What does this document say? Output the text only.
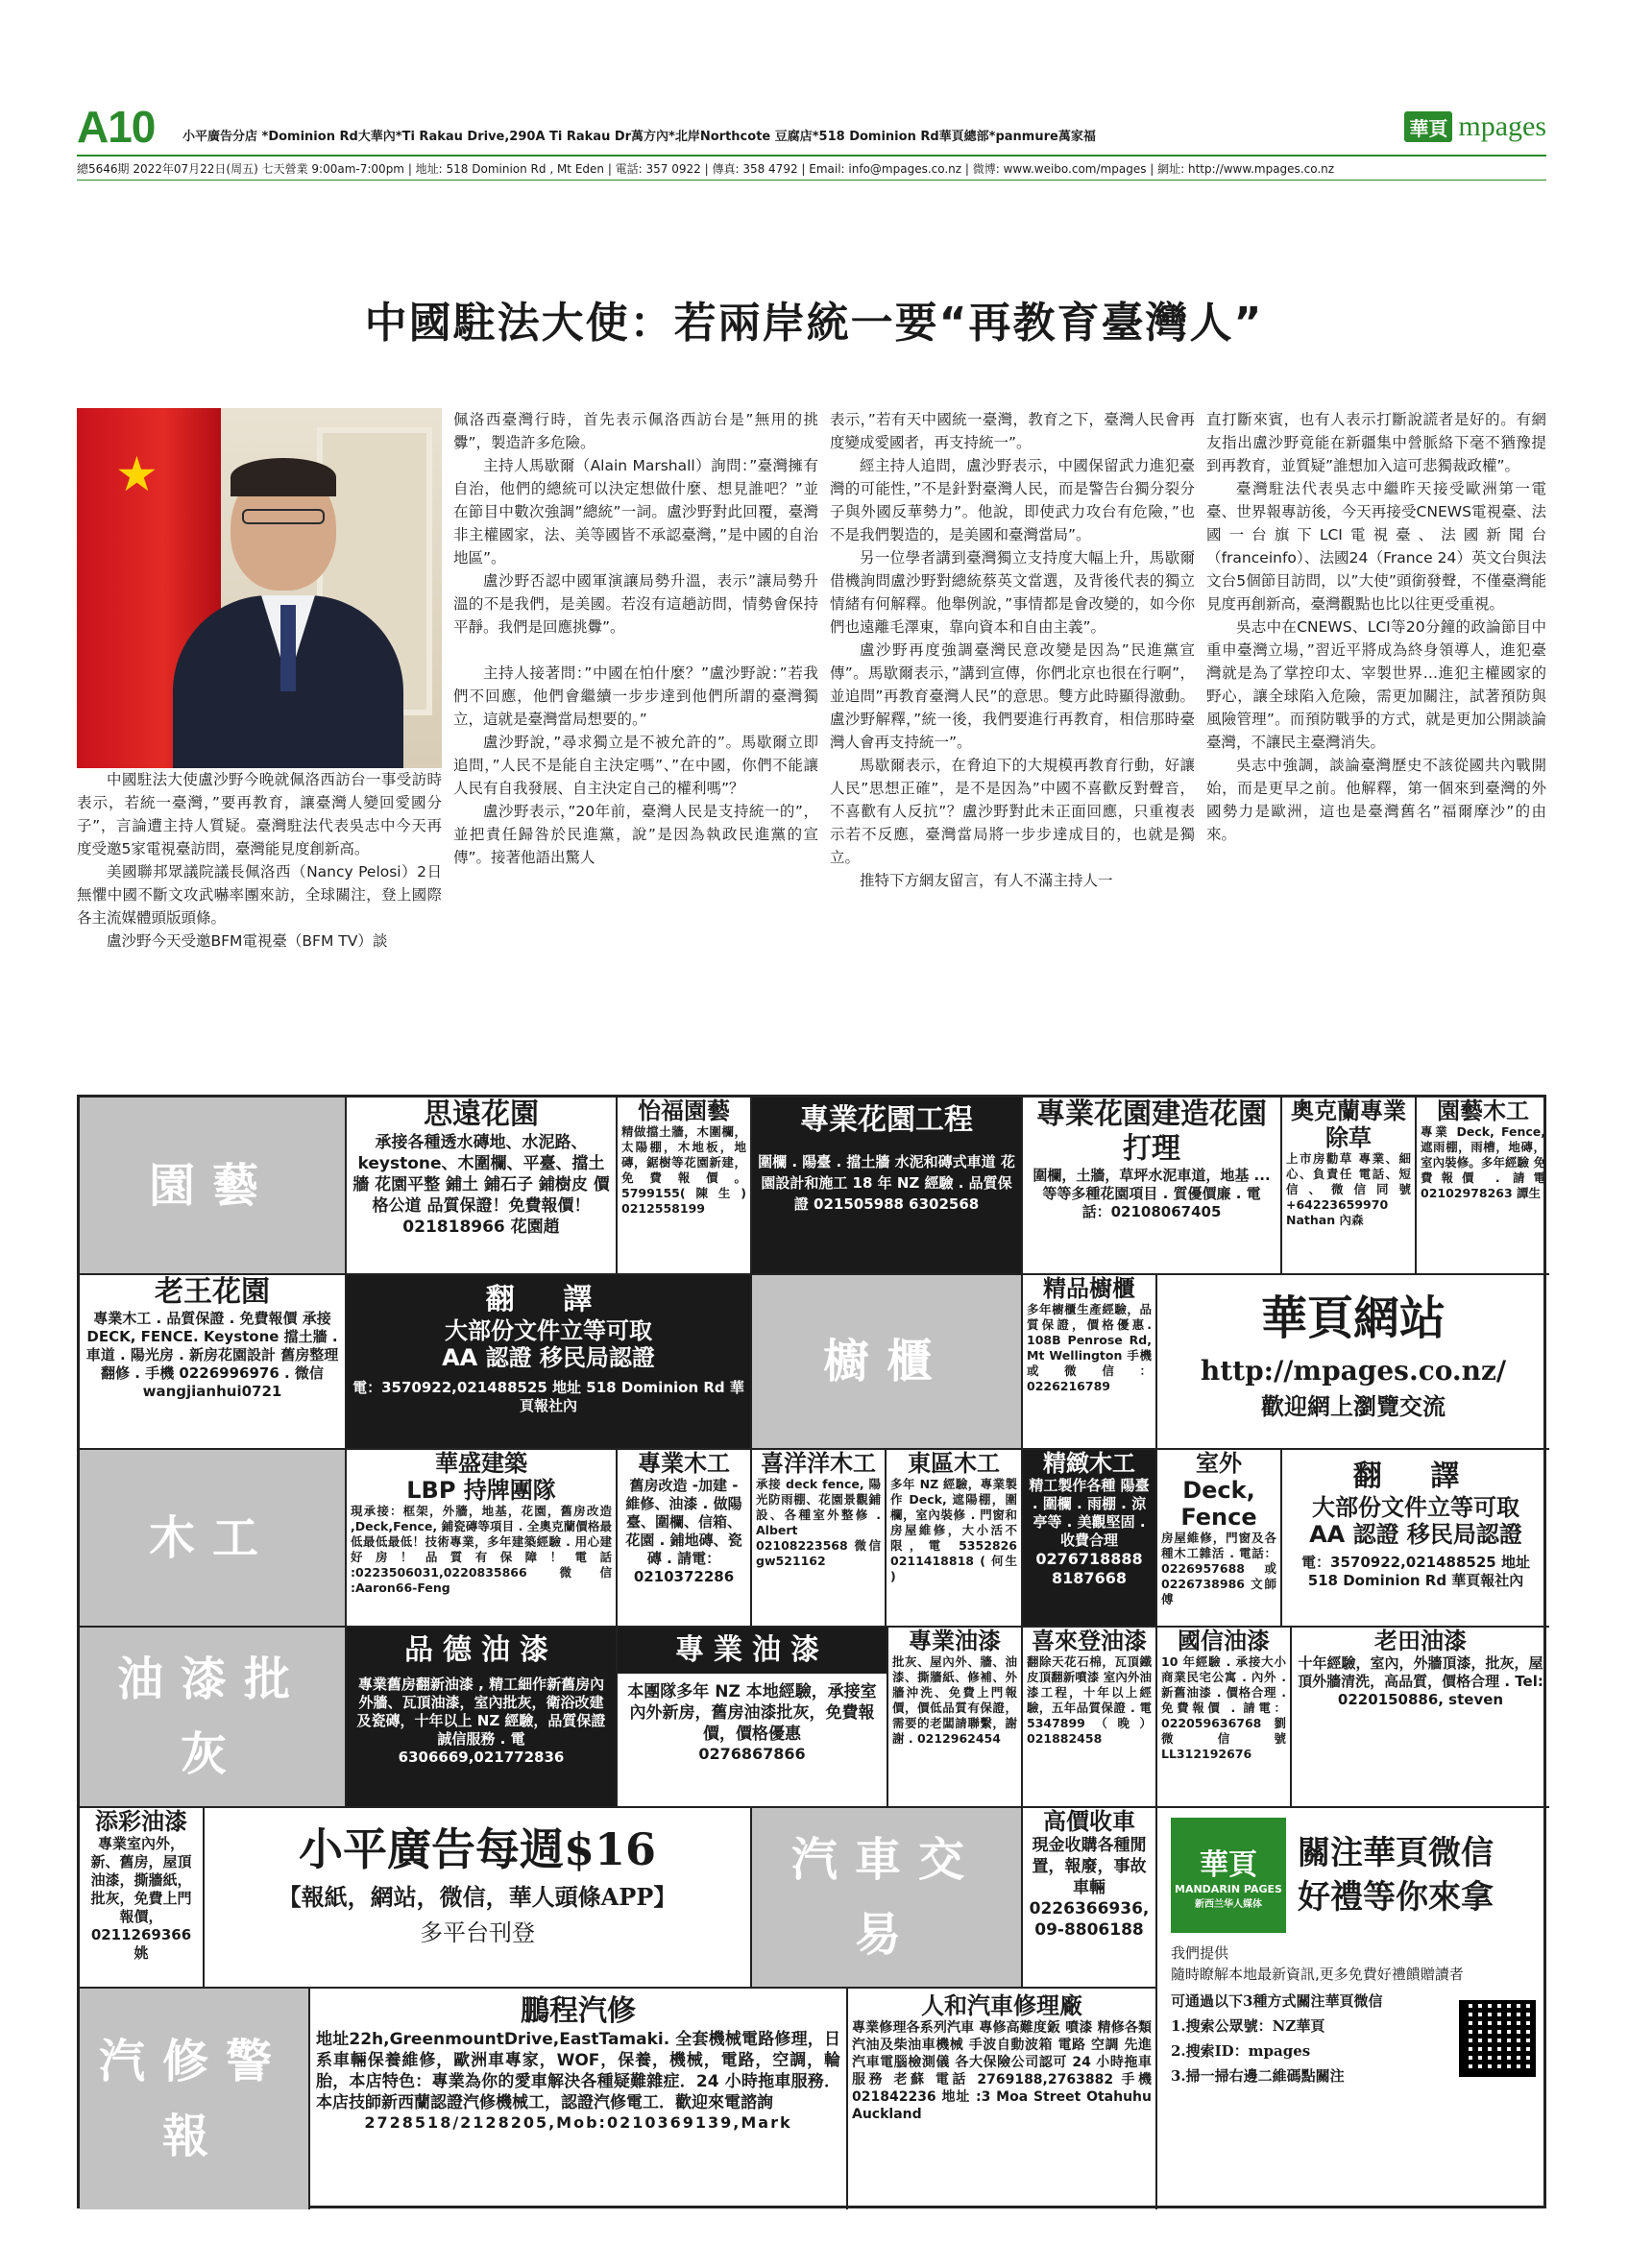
A10 小平廣告分店 *Dominion Rd大華內*Ti Rakau Drive,290A Ti Rakau Dr萬方內*北岸Northcote 豆腐店*518 Dominion Rd華頁總部*panmure萬家福	華頁 mpages
總5646期 2022年07月22日(周五) 七天營業 9:00am-7:00pm | 地址: 518 Dominion Rd , Mt Eden | 電話: 357 0922 | 傳真: 358 4792 | Email: info@mpages.co.nz | 微博: www.weibo.com/mpages | 網址: http://www.mpages.co.nz
中國駐法大使：若兩岸統一要“再教育臺灣人”
★

中國駐法大使盧沙野今晚就佩洛西訪台一事受訪時表示，若統一臺灣，”要再教育，讓臺灣人變回愛國分子”，言論遭主持人質疑。臺灣駐法代表吳志中今天再度受邀5家電視臺訪問，臺灣能見度創新高。

美國聯邦眾議院議長佩洛西（Nancy Pelosi）2日無懼中國不斷文攻武嚇率團來訪，全球關注，登上國際各主流媒體頭版頭條。

盧沙野今天受邀BFM電視臺（BFM TV）談

佩洛西臺灣行時，首先表示佩洛西訪台是”無用的挑釁”，製造許多危險。

主持人馬歇爾（Alain Marshall）詢問：”臺灣擁有自治，他們的總統可以決定想做什麼、想見誰吧？”並在節目中數次強調”總統”一詞。盧沙野對此回覆，臺灣非主權國家，法、美等國皆不承認臺灣，”是中國的自治地區”。

盧沙野否認中國軍演讓局勢升溫，表示”讓局勢升溫的不是我們，是美國。若沒有這趟訪問，情勢會保持平靜。我們是回應挑釁”。

主持人接著問：”中國在怕什麼？”盧沙野說：”若我們不回應，他們會繼續一步步達到他們所謂的臺灣獨立，這就是臺灣當局想要的。”

盧沙野說，”尋求獨立是不被允許的”。馬歇爾立即追問，”人民不是能自主決定嗎”、”在中國，你們不能讓人民有自我發展、自主決定自己的權利嗎”？

盧沙野表示，”20年前，臺灣人民是支持統一的”，並把責任歸咎於民進黨，說”是因為執政民進黨的宣傳”。接著他語出驚人

表示，”若有天中國統一臺灣，教育之下，臺灣人民會再度變成愛國者，再支持統一”。

經主持人追問，盧沙野表示，中國保留武力進犯臺灣的可能性，”不是針對臺灣人民，而是警告台獨分裂分子與外國反華勢力”。他說，即使武力攻台有危險，”也不是我們製造的，是美國和臺灣當局”。

另一位學者講到臺灣獨立支持度大幅上升，馬歇爾借機詢問盧沙野對總統蔡英文當選，及背後代表的獨立情緒有何解釋。他舉例說，”事情都是會改變的，如今你們也遠離毛澤東，靠向資本和自由主義”。

盧沙野再度強調臺灣民意改變是因為”民進黨宣傳”。馬歇爾表示，”講到宣傳，你們北京也很在行啊”，並追問”再教育臺灣人民”的意思。雙方此時顯得激動。盧沙野解釋，”統一後，我們要進行再教育，相信那時臺灣人會再支持統一”。

馬歇爾表示，在脅迫下的大規模再教育行動，好讓人民”思想正確”，是不是因為”中國不喜歡反對聲音，不喜歡有人反抗”？盧沙野對此未正面回應，只重複表示若不反應，臺灣當局將一步步達成目的，也就是獨立。

推特下方網友留言，有人不滿主持人一

直打斷來賓，也有人表示打斷說謊者是好的。有網友指出盧沙野竟能在新疆集中營脈絡下毫不猶豫提到再教育，並質疑”誰想加入這可悲獨裁政權”。

臺灣駐法代表吳志中繼昨天接受歐洲第一電臺、世界報專訪後，今天再接受CNEWS電視臺、法國一台旗下LCI電視臺、法國新聞台（franceinfo）、法國24（France 24）英文台與法文台5個節目訪問，以”大使”頭銜發聲，不僅臺灣能見度再創新高，臺灣觀點也比以往更受重視。

吳志中在CNEWS、LCI等20分鐘的政論節目中重申臺灣立場，”習近平將成為終身領導人，進犯臺灣就是為了掌控印太、宰製世界…進犯主權國家的野心，讓全球陷入危險，需更加關注，試著預防與風險管理”。而預防戰爭的方式，就是更加公開談論臺灣，不讓民主臺灣消失。

吳志中強調，談論臺灣歷史不該從國共內戰開始，而是更早之前。他解釋，第一個來到臺灣的外國勢力是歐洲，這也是臺灣舊名”福爾摩沙”的由來。

園藝
思遠花園
承接各種透水磚地、水泥路、keystone、木圍欄、平臺、擋土牆 花園平整 鋪土 鋪石子 鋪樹皮 價格公道 品質保證！免費報價！021818966 花園趙
怡福園藝
精做擋土牆，木圍欄，太陽棚，木地板，地磚，鋸樹等花園新建，免費報價。5799155(陳生) 0212558199
專業花園工程
圍欄 . 陽臺 . 擋土牆 水泥和磚式車道 花園設計和施工 18 年 NZ 經驗 . 品質保證 021505988 6302568
專業花園建造花園打理
圍欄，土牆，草坪水泥車道，地基 ... 等等多種花園項目 . 質優價廉 . 電話：02108067405
奧克蘭專業除草
上市房勸草 專業、細心、負責任 電話、短信、微信同號 +64223659970 Nathan 內森
園藝木工
專業 Deck, Fence, 遮雨棚，雨槽，地磚，室內裝修。多年經驗 免費報價 . 請電 02102978263 譚生
老王花園
專業木工 . 品質保證 . 免費報價 承接 DECK, FENCE. Keystone 擋土牆 . 車道 . 陽光房 . 新房花園設計 舊房整理翻修 . 手機 0226996976 . 微信 wangjianhui0721
翻 譯
大部份文件立等可取
AA 認證 移民局認證
電：3570922,021488525 地址 518 Dominion Rd 華頁報社內
櫥櫃
精品櫥櫃
多年櫥櫃生產經驗，品質保證，價格優惠. 108B Penrose Rd, Mt Wellington 手機或微信：0226216789
華頁網站
http://mpages.co.nz/
歡迎網上瀏覽交流
木工
華盛建築
LBP 持牌團隊
現承接：框架，外牆，地基，花園，舊房改造 ,Deck,Fence, 鋪瓷磚等項目 . 全奧克蘭價格最低最低最低！技術專業，多年建築經驗 . 用心建好房！品質有保障！電話 :0223506031,0220835866 微信 :Aaron66-Feng
專業木工
舊房改造 -加建 -維修、油漆 . 做陽臺、圍欄、信箱、花園 . 鋪地磚、瓷磚 . 請電：0210372286
喜洋洋木工
承接 deck fence, 陽光防雨棚、花園景觀鋪設、各種室外整修 . Albert 02108223568 微信 gw521162
東區木工
多年 NZ 經驗，專業製作 Deck, 遮陽棚，圍欄，室內裝修 . 門窗和房屋維修，大小活不限，電 5352826 0211418818 ( 何生 )
精緻木工
精工製作各種 陽臺 . 圍欄 . 雨棚 . 涼亭等 . 美觀堅固 . 收費合理
0276718888 8187668
室外 Deck, Fence
房屋維修，門窗及各種木工雜活 . 電話：0226957688 或 0226738986 文師傅
翻 譯
大部份文件立等可取
AA 認證 移民局認證
電：3570922,021488525 地址 518 Dominion Rd 華頁報社內
油漆批灰
品德油漆
專業舊房翻新油漆 , 精工細作新舊房內外牆、瓦頂油漆，室內批灰，衛浴改建及瓷磚，十年以上 NZ 經驗，品質保證誠信服務 . 電 6306669,021772836
專業油漆
本團隊多年 NZ 本地經驗，承接室內外新房，舊房油漆批灰，免費報價，價格優惠
0276867866
專業油漆
批灰、屋內外、牆、油漆、撕牆紙、修補、外牆沖洗、免費上門報價，價低品質有保證，需要的老闆請聯繫，謝謝 . 0212962454
喜來登油漆
翻除天花石棉，瓦頂鐵皮頂翻新噴漆 室內外油漆工程，十年以上經驗，五年品質保證 . 電 5347899（晚）021882458
國信油漆
10 年經驗 . 承接大小商業民宅公寓 . 內外 . 新舊油漆 . 價格合理 . 免費報價 . 請電：022059636768 劉 微信號 LL312192676
老田油漆
十年經驗，室內，外牆頂漆，批灰，屋頂外牆清洗，高品質，價格合理 . Tel: 0220150886, steven
添彩油漆
專業室內外，新、舊房，屋頂油漆，撕牆紙，批灰，免費上門報價，0211269366 姚
小平廣告每週$16
【報紙，網站，微信，華人頭條APP】
多平台刊登
汽車交易
高價收車
現金收購各種閒置，報廢，事故車輛 0226366936, 09-8806188
華頁
MANDARIN PAGES
新西兰华人媒体
關注華頁微信
好禮等你來拿
我們提供
隨時瞭解本地最新資訊,更多免費好禮饋贈讀者
可通過以下3種方式關注華頁微信
1.搜索公眾號：NZ華頁
2.搜索ID：mpages
3.掃一掃右邊二維碼點關注
汽修警報
鵬程汽修
地址22h,GreenmountDrive,EastTamaki. 全套機械電路修理，日系車輛保養維修，歐洲車專家，WOF，保養，機械，電路，空調，輪胎，本店特色：專業為你的愛車解決各種疑難雜症．24 小時拖車服務．本店技師新西蘭認證汽修機械工，認證汽修電工．歡迎來電諮詢
2728518/2128205,Mob:0210369139,Mark
人和汽車修理廠
專業修理各系列汽車 專修高難度鈑 噴漆 精修各類汽油及柴油車機械 手波自動波箱 電路 空調 先進汽車電腦檢測儀 各大保險公司認可 24 小時拖車服務 老蘇 電話 2769188,2763882 手機 021842236 地址 :3 Moa Street Otahuhu Auckland
